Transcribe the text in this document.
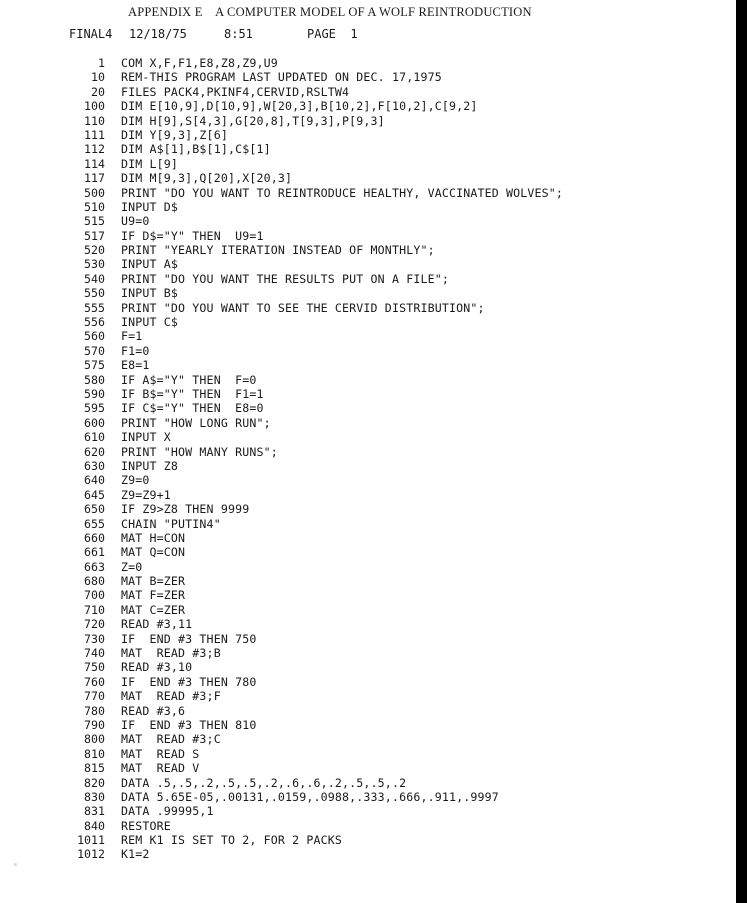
APPENDIX E    A COMPUTER MODEL OF A WOLF REINTRODUCTION

FINAL4

12/18/75

	8:51

	PAGE  1

1 COM X,F,F1,E8,Z8,Z9,U9
10 REM-THIS PROGRAM LAST UPDATED ON DEC. 17,1975
20 FILES PACK4,PKINF4,CERVID,RSLTW4
100 DIM E[10,9],D[10,9],W[20,3],B[10,2],F[10,2],C[9,2]
110 DIM H[9],S[4,3],G[20,8],T[9,3],P[9,3]
111 DIM Y[9,3],Z[6]
112 DIM A$[1],B$[1],C$[1]
114 DIM L[9]
117 DIM M[9,3],Q[20],X[20,3]
500 PRINT "DO YOU WANT TO REINTRODUCE HEALTHY, VACCINATED WOLVES";
510 INPUT D$
515 U9=0
517 IF D$="Y" THEN  U9=1
520 PRINT "YEARLY ITERATION INSTEAD OF MONTHLY";
530 INPUT A$
540 PRINT "DO YOU WANT THE RESULTS PUT ON A FILE";
550 INPUT B$
555 PRINT "DO YOU WANT TO SEE THE CERVID DISTRIBUTION";
556 INPUT C$
560 F=1
570 F1=0
575 E8=1
580 IF A$="Y" THEN  F=0
590 IF B$="Y" THEN  F1=1
595 IF C$="Y" THEN  E8=0
600 PRINT "HOW LONG RUN";
610 INPUT X
620 PRINT "HOW MANY RUNS";
630 INPUT Z8
640 Z9=0
645 Z9=Z9+1
650 IF Z9>Z8 THEN 9999
655 CHAIN "PUTIN4"
660 MAT H=CON
661 MAT Q=CON
663 Z=0
680 MAT B=ZER
700 MAT F=ZER
710 MAT C=ZER
720 READ #3,11
730 IF  END #3 THEN 750
740 MAT  READ #3;B
750 READ #3,10
760 IF  END #3 THEN 780
770 MAT  READ #3;F
780 READ #3,6
790 IF  END #3 THEN 810
800 MAT  READ #3;C
810 MAT  READ S
815 MAT  READ V
820 DATA .5,.5,.2,.5,.5,.2,.6,.6,.2,.5,.5,.2
830 DATA 5.65E-05,.00131,.0159,.0988,.333,.666,.911,.9997
831 DATA .99995,1
840 RESTORE
1011 REM K1 IS SET TO 2, FOR 2 PACKS
1012 K1=2
